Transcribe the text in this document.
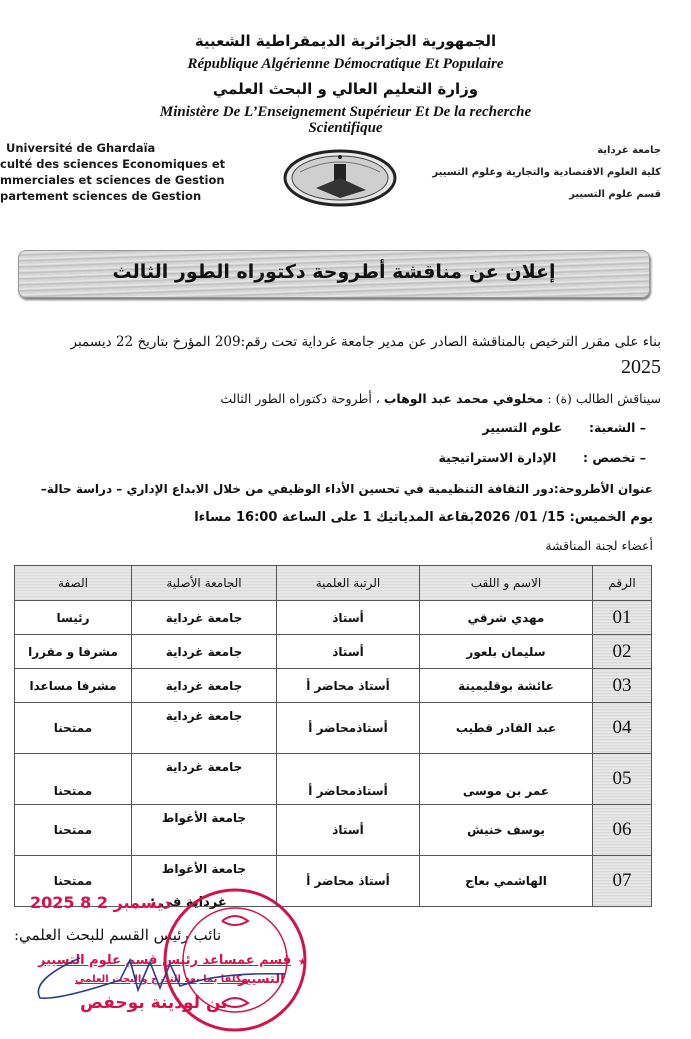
الجمهورية الجزائرية الديمقراطية الشعبية
République Algérienne Démocratique Et Populaire
وزارة التعليم العالي و البحث العلمي
Ministère De L’Enseignement Supérieur Et De la recherche
Scientifique
Université de Ghardaïa
culté des sciences Economiques et
mmerciales et sciences de Gestion
partement sciences de Gestion
جامعة غرداية
كلية العلوم الاقتصادية والتجارية وعلوم التسيير
قسم علوم التسيير
إعلان عن مناقشة أطروحة دكتوراه الطور الثالث
بناء على مقرر الترخيص بالمناقشة الصادر عن مدير جامعة غرداية تحت رقم:209 المؤرخ بتاريخ 22 ديسمبر
2025
سيناقش الطالب (ة) : مخلوفي محمد عبد الوهاب ، أطروحة دكتوراه الطور الثالث
– الشعبة:  علوم التسيير
– تخصص :  الإدارة الاستراتيجية
عنوان الأطروحة:دور الثقافة التنظيمية في تحسين الأداء الوظيفي من خلال الابداع الإداري – دراسة حالة–
يوم الخميس: 15/ 01/ 2026بقاعة المدياتيك 1 على الساعة 16:00 مساءا
أعضاء لجنة المناقشة
الرقم	الاسم و اللقب	الرتبة العلمية	الجامعة الأصلية	الصفة
01	مهدي شرقي	أستاذ	جامعة غرداية	رئيسا
02	سليمان بلعور	أستاذ	جامعة غرداية	مشرفا و مقررا
03	عائشة بوقليمينة	أستاذ محاضر أ	جامعة غرداية	مشرفا مساعدا
04	عبد القادر قطيب	أستاذمحاضر أ	جامعة غرداية	ممتحنا
05	عمر بن موسى	أستاذمحاضر أ	جامعة غرداية	ممتحنا
06	يوسف خنيش	أستاذ	جامعة الأغواط	ممتحنا
07	الهاشمي بعاج	أستاذ محاضر أ	جامعة الأغواط	ممتحنا
غرداية في :
2025 ديسمبر 2 8
نائب رئيس القسم للبحث العلمي:
★
قسم عمساعد رئيس قسم علوم التسيير
مكلفا بما بعد التدرج والبحث العلمي
التسيير
بن لوذينة بوحفص
